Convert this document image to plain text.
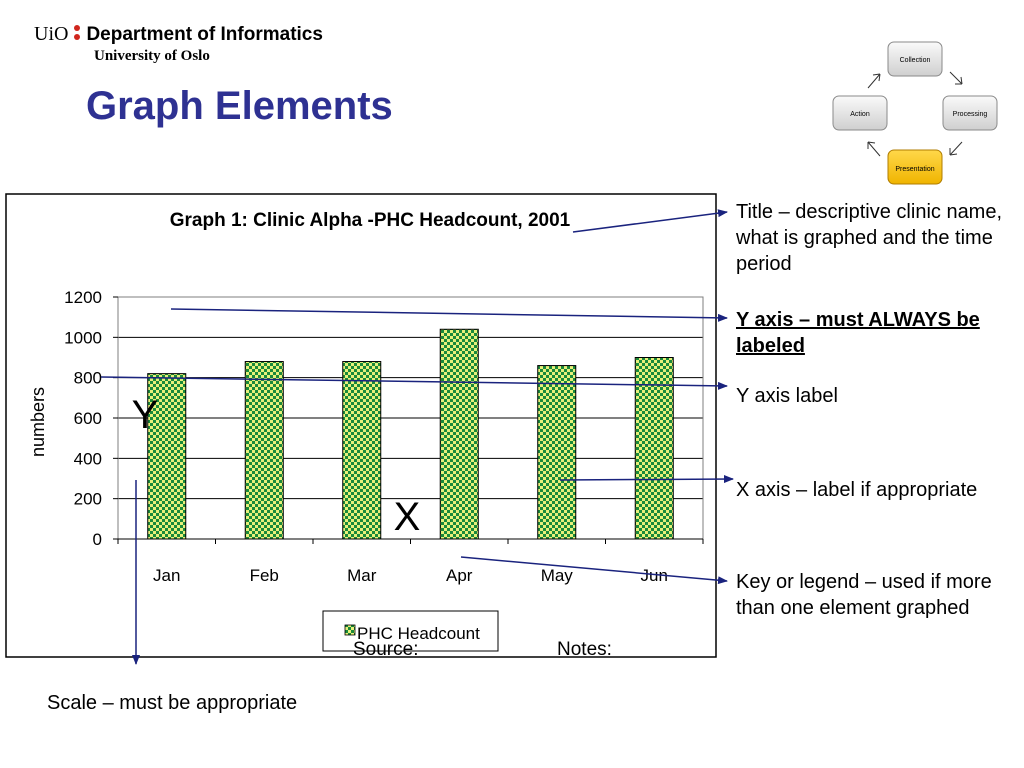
UiO Department of Informatics
University of Oslo
Graph Elements
Collection
Processing
Presentation
Action
Graph 1: Clinic Alpha -PHC Headcount, 2001
0
200
400
600
800
1000
1200
Jan	Feb	Mar	Apr	May	Jun
numbers Y
X
PHC Headcount
Source:	Notes:

Title – descriptive clinic name, what is graphed and the time period

Y axis – must ALWAYS be labeled

Y axis label

X axis – label if appropriate

Key or legend – used if more than one element graphed

Scale – must be appropriate
